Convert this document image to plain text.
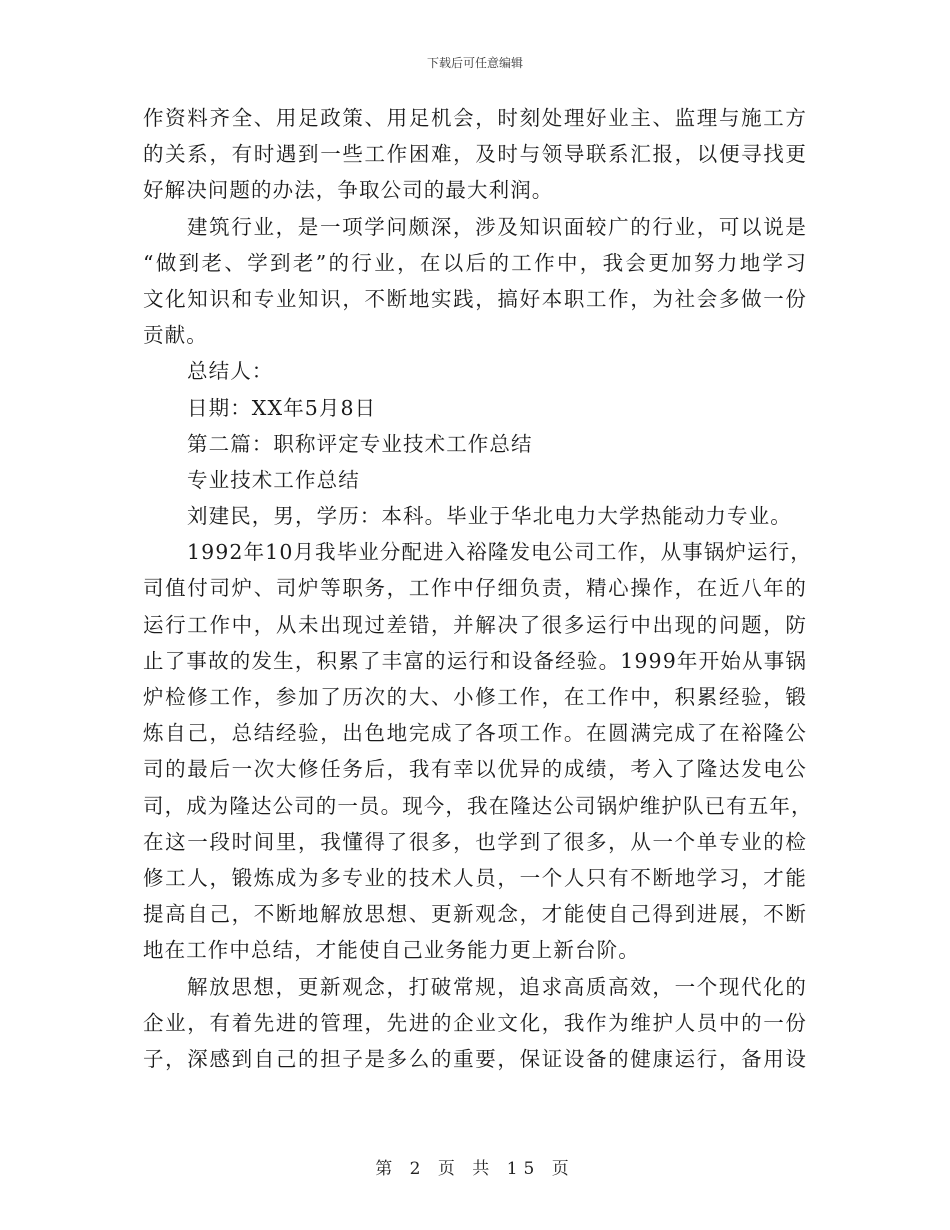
下载后可任意编辑
作资料齐全、用足政策、用足机会，时刻处理好业主、监理与施工方
的关系，有时遇到一些工作困难，及时与领导联系汇报，以便寻找更
好解决问题的办法，争取公司的最大利润。
建筑行业，是一项学问颇深，涉及知识面较广的行业，可以说是
“做到老、学到老”的行业，在以后的工作中，我会更加努力地学习
文化知识和专业知识，不断地实践，搞好本职工作，为社会多做一份
贡献。
总结人：
日期：XX年5月8日
第二篇：职称评定专业技术工作总结
专业技术工作总结
刘建民，男，学历：本科。毕业于华北电力大学热能动力专业。
1992年10月我毕业分配进入裕隆发电公司工作，从事锅炉运行，
司值付司炉、司炉等职务，工作中仔细负责，精心操作，在近八年的
运行工作中，从未出现过差错，并解决了很多运行中出现的问题，防
止了事故的发生，积累了丰富的运行和设备经验。1999年开始从事锅
炉检修工作，参加了历次的大、小修工作，在工作中，积累经验，锻
炼自己，总结经验，出色地完成了各项工作。在圆满完成了在裕隆公
司的最后一次大修任务后，我有幸以优异的成绩，考入了隆达发电公
司，成为隆达公司的一员。现今，我在隆达公司锅炉维护队已有五年，
在这一段时间里，我懂得了很多，也学到了很多，从一个单专业的检
修工人，锻炼成为多专业的技术人员，一个人只有不断地学习，才能
提高自己，不断地解放思想、更新观念，才能使自己得到进展，不断
地在工作中总结，才能使自己业务能力更上新台阶。
解放思想，更新观念，打破常规，追求高质高效，一个现代化的
企业，有着先进的管理，先进的企业文化，我作为维护人员中的一份
子，深感到自己的担子是多么的重要，保证设备的健康运行，备用设
第 2 页 共 15 页
